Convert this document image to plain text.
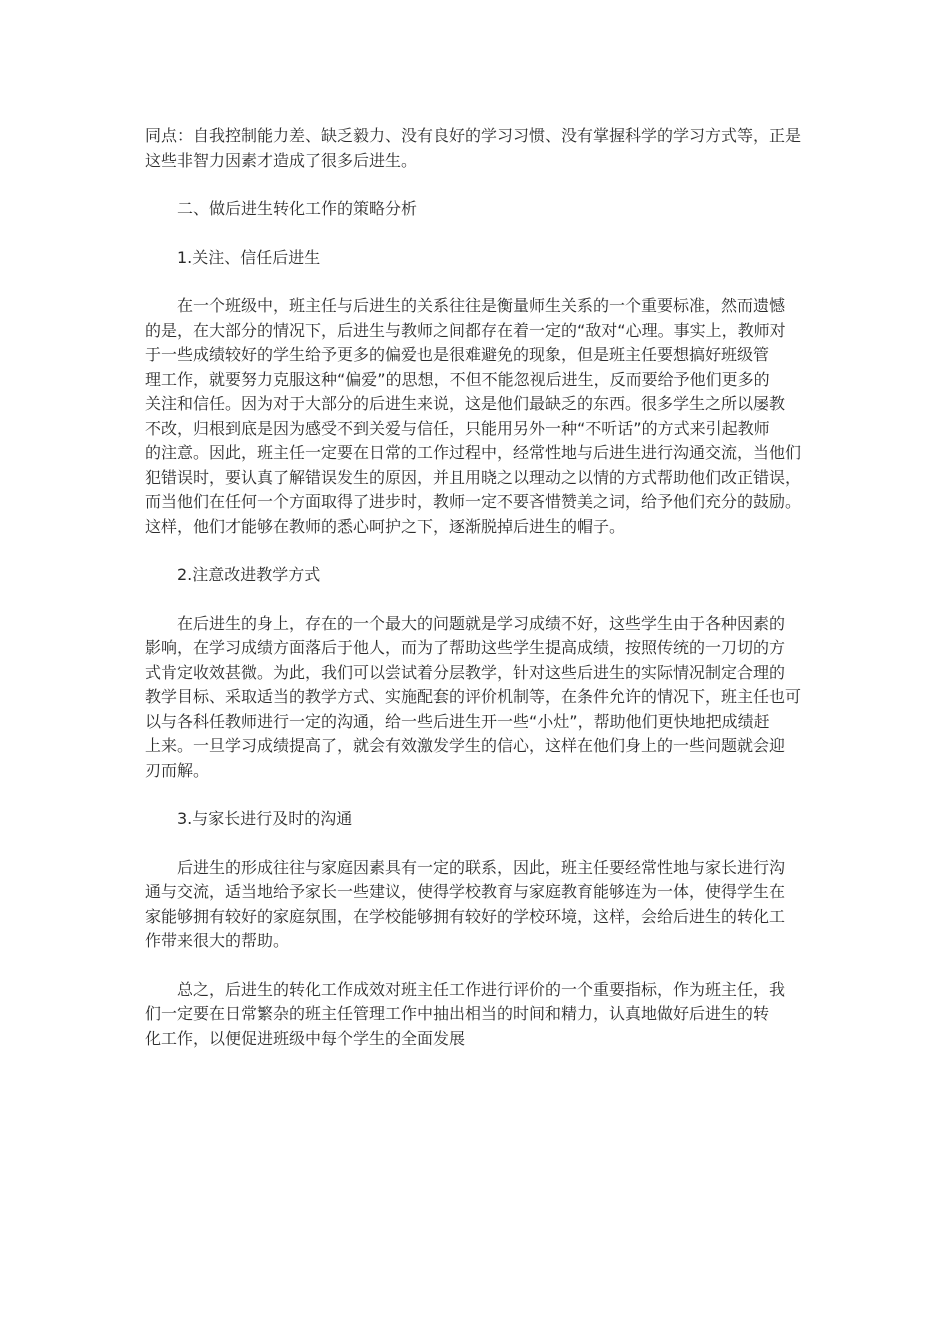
同点：自我控制能力差、缺乏毅力、没有良好的学习习惯、没有掌握科学的学习方式等，正是
这些非智力因素才造成了很多后进生。

二、做后进生转化工作的策略分析

1.关注、信任后进生

在一个班级中，班主任与后进生的关系往往是衡量师生关系的一个重要标准，然而遗憾
的是，在大部分的情况下，后进生与教师之间都存在着一定的“敌对“心理。事实上，教师对
于一些成绩较好的学生给予更多的偏爱也是很难避免的现象，但是班主任要想搞好班级管
理工作，就要努力克服这种“偏爱”的思想，不但不能忽视后进生，反而要给予他们更多的
关注和信任。因为对于大部分的后进生来说，这是他们最缺乏的东西。很多学生之所以屡教
不改，归根到底是因为感受不到关爱与信任，只能用另外一种“不听话”的方式来引起教师
的注意。因此，班主任一定要在日常的工作过程中，经常性地与后进生进行沟通交流，当他们
犯错误时，要认真了解错误发生的原因，并且用晓之以理动之以情的方式帮助他们改正错误，
而当他们在任何一个方面取得了进步时，教师一定不要吝惜赞美之词，给予他们充分的鼓励。
这样，他们才能够在教师的悉心呵护之下，逐渐脱掉后进生的帽子。

2.注意改进教学方式

在后进生的身上，存在的一个最大的问题就是学习成绩不好，这些学生由于各种因素的
影响，在学习成绩方面落后于他人，而为了帮助这些学生提高成绩，按照传统的一刀切的方
式肯定收效甚微。为此，我们可以尝试着分层教学，针对这些后进生的实际情况制定合理的
教学目标、采取适当的教学方式、实施配套的评价机制等，在条件允许的情况下，班主任也可
以与各科任教师进行一定的沟通，给一些后进生开一些“小灶”，帮助他们更快地把成绩赶
上来。一旦学习成绩提高了，就会有效激发学生的信心，这样在他们身上的一些问题就会迎
刃而解。

3.与家长进行及时的沟通

后进生的形成往往与家庭因素具有一定的联系，因此，班主任要经常性地与家长进行沟
通与交流，适当地给予家长一些建议，使得学校教育与家庭教育能够连为一体，使得学生在
家能够拥有较好的家庭氛围，在学校能够拥有较好的学校环境，这样，会给后进生的转化工
作带来很大的帮助。

总之，后进生的转化工作成效对班主任工作进行评价的一个重要指标，作为班主任，我
们一定要在日常繁杂的班主任管理工作中抽出相当的时间和精力，认真地做好后进生的转
化工作，以便促进班级中每个学生的全面发展
